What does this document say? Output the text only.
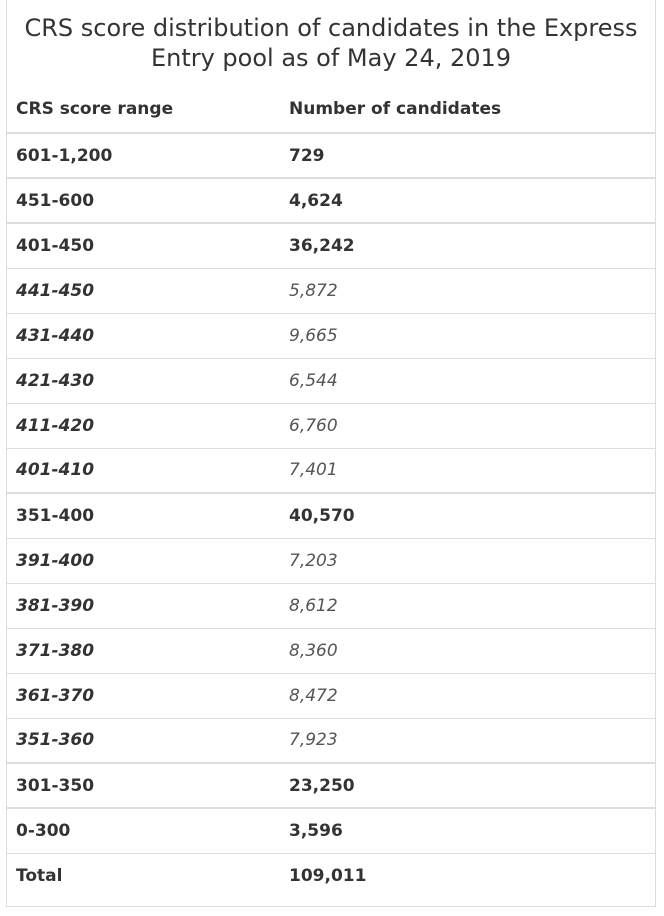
CRS score distribution of candidates in the Express Entry pool as of May 24, 2019
CRS score range	Number of candidates
601-1,200	729
451-600	4,624
401-450	36,242
441-450	5,872
431-440	9,665
421-430	6,544
411-420	6,760
401-410	7,401
351-400	40,570
391-400	7,203
381-390	8,612
371-380	8,360
361-370	8,472
351-360	7,923
301-350	23,250
0-300	3,596
Total	109,011
